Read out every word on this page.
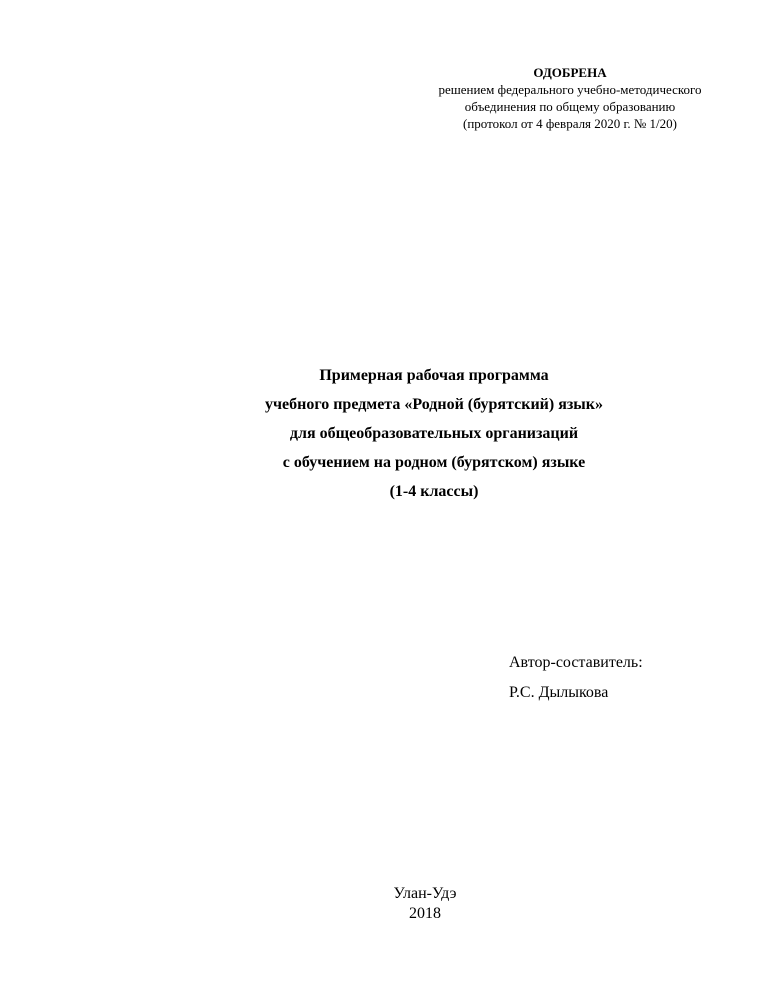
ОДОБРЕНА
решением федерального учебно-методического
объединения по общему образованию
(протокол от 4 февраля 2020 г. № 1/20)
Примерная рабочая программа
учебного предмета «Родной (бурятский) язык»
для общеобразовательных организаций
с обучением на родном (бурятском) языке
(1-4 классы)
Автор-составитель:
Р.С. Дылыкова
Улан-Удэ
2018
